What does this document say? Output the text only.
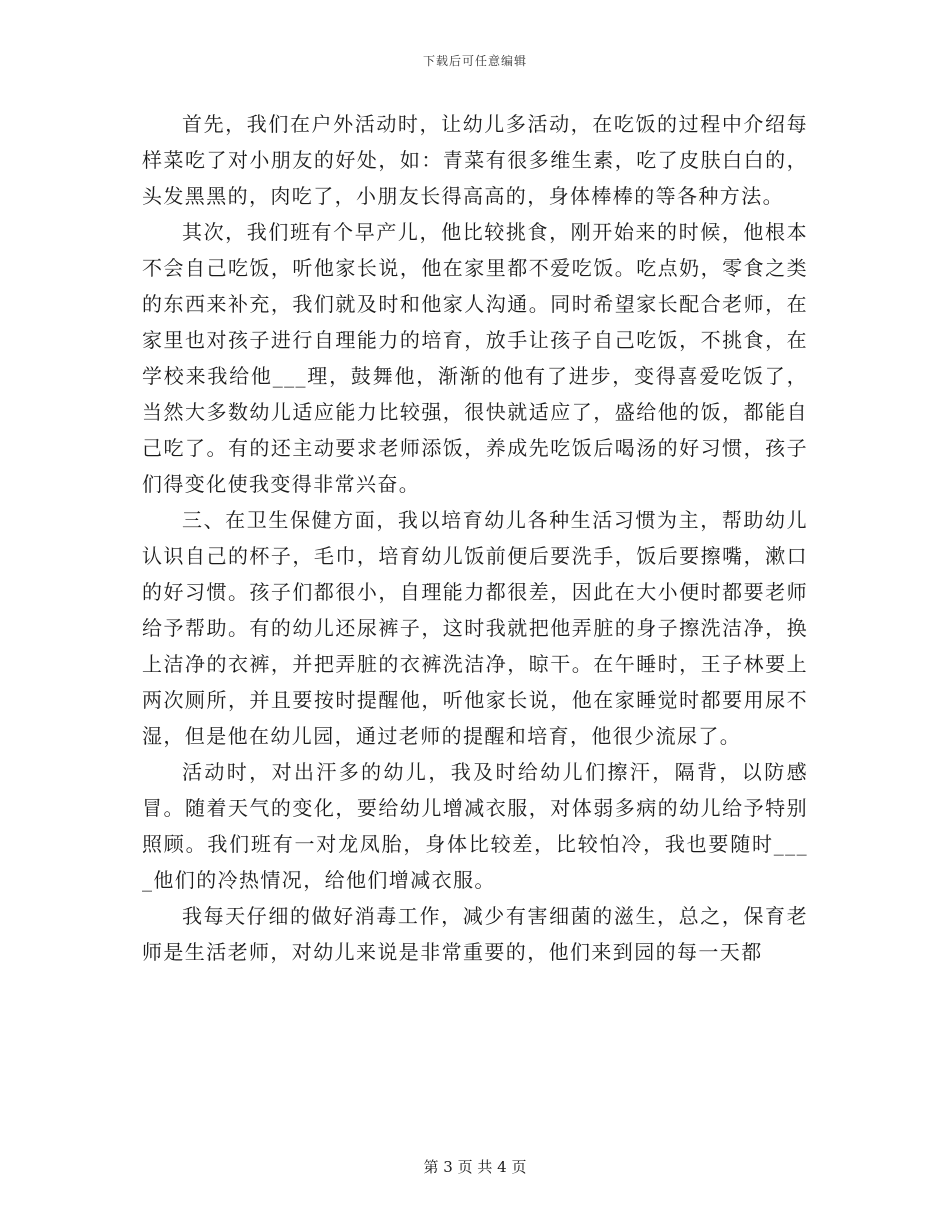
下载后可任意编辑

首先，我们在户外活动时，让幼儿多活动，在吃饭的过程中介绍每样菜吃了对小朋友的好处，如：青菜有很多维生素，吃了皮肤白白的，头发黑黑的，肉吃了，小朋友长得高高的，身体棒棒的等各种方法。

其次，我们班有个早产儿，他比较挑食，刚开始来的时候，他根本不会自己吃饭，听他家长说，他在家里都不爱吃饭。吃点奶，零食之类的东西来补充，我们就及时和他家人沟通。同时希望家长配合老师，在家里也对孩子进行自理能力的培育，放手让孩子自己吃饭，不挑食，在学校来我给他___理，鼓舞他，渐渐的他有了进步，变得喜爱吃饭了，当然大多数幼儿适应能力比较强，很快就适应了，盛给他的饭，都能自己吃了。有的还主动要求老师添饭，养成先吃饭后喝汤的好习惯，孩子们得变化使我变得非常兴奋。

三、在卫生保健方面，我以培育幼儿各种生活习惯为主，帮助幼儿认识自己的杯子，毛巾，培育幼儿饭前便后要洗手，饭后要擦嘴，漱口的好习惯。孩子们都很小，自理能力都很差，因此在大小便时都要老师给予帮助。有的幼儿还尿裤子，这时我就把他弄脏的身子擦洗洁净，换上洁净的衣裤，并把弄脏的衣裤洗洁净，晾干。在午睡时，王子林要上两次厕所，并且要按时提醒他，听他家长说，他在家睡觉时都要用尿不湿，但是他在幼儿园，通过老师的提醒和培育，他很少流尿了。

活动时，对出汗多的幼儿，我及时给幼儿们擦汗，隔背，以防感冒。随着天气的变化，要给幼儿增减衣服，对体弱多病的幼儿给予特别照顾。我们班有一对龙凤胎，身体比较差，比较怕冷，我也要随时____他们的冷热情况，给他们增减衣服。

我每天仔细的做好消毒工作，减少有害细菌的滋生，总之，保育老师是生活老师，对幼儿来说是非常重要的，他们来到园的每一天都

第 3 页 共 4 页
